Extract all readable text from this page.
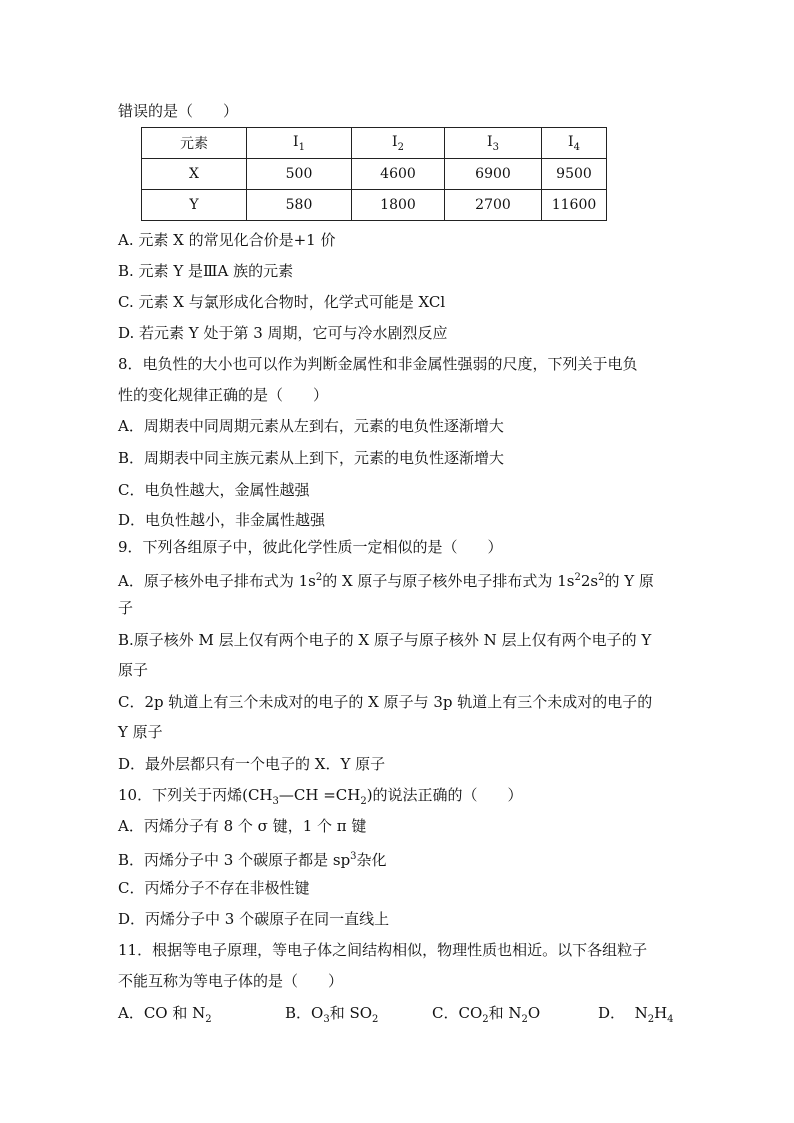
错误的是（　　）
元素	$I_1$	$I_2$	$I_3$	$I_4$
X	500	4600	6900	9500
Y	580	1800	2700	11600
A. 元素 X 的常见化合价是+1 价
B. 元素 Y 是ⅢA 族的元素
C. 元素 X 与氯形成化合物时，化学式可能是 XCl
D. 若元素 Y 处于第 3 周期，它可与冷水剧烈反应
8．电负性的大小也可以作为判断金属性和非金属性强弱的尺度，下列关于电负
性的变化规律正确的是（　　）
A．周期表中同周期元素从左到右，元素的电负性逐渐增大
B．周期表中同主族元素从上到下，元素的电负性逐渐增大
C．电负性越大，金属性越强
D．电负性越小，非金属性越强
9．下列各组原子中，彼此化学性质一定相似的是（　　）
A．原子核外电子排布式为 $1s^2$的 X 原子与原子核外电子排布式为 $1s^22s^2$的 Y 原
子
B.原子核外 M 层上仅有两个电子的 X 原子与原子核外 N 层上仅有两个电子的 Y
原子
C．2p 轨道上有三个未成对的电子的 X 原子与 3p 轨道上有三个未成对的电子的
Y 原子
D．最外层都只有一个电子的 X．Y 原子
10．下列关于丙烯$(CH_3—CH =CH_2)$的说法正确的（　　）
A．丙烯分子有 8 个 σ 键，1 个 π 键
B．丙烯分子中 3 个碳原子都是 $sp^3$杂化
C．丙烯分子不存在非极性键
D．丙烯分子中 3 个碳原子在同一直线上
11．根据等电子原理，等电子体之间结构相似，物理性质也相近。以下各组粒子
不能互称为等电子体的是（　　）
A．CO 和 $N_2$	B．$O_3$和 $SO_2$	C．$CO_2$和 $N_2O$	D． $N_2H_4$
